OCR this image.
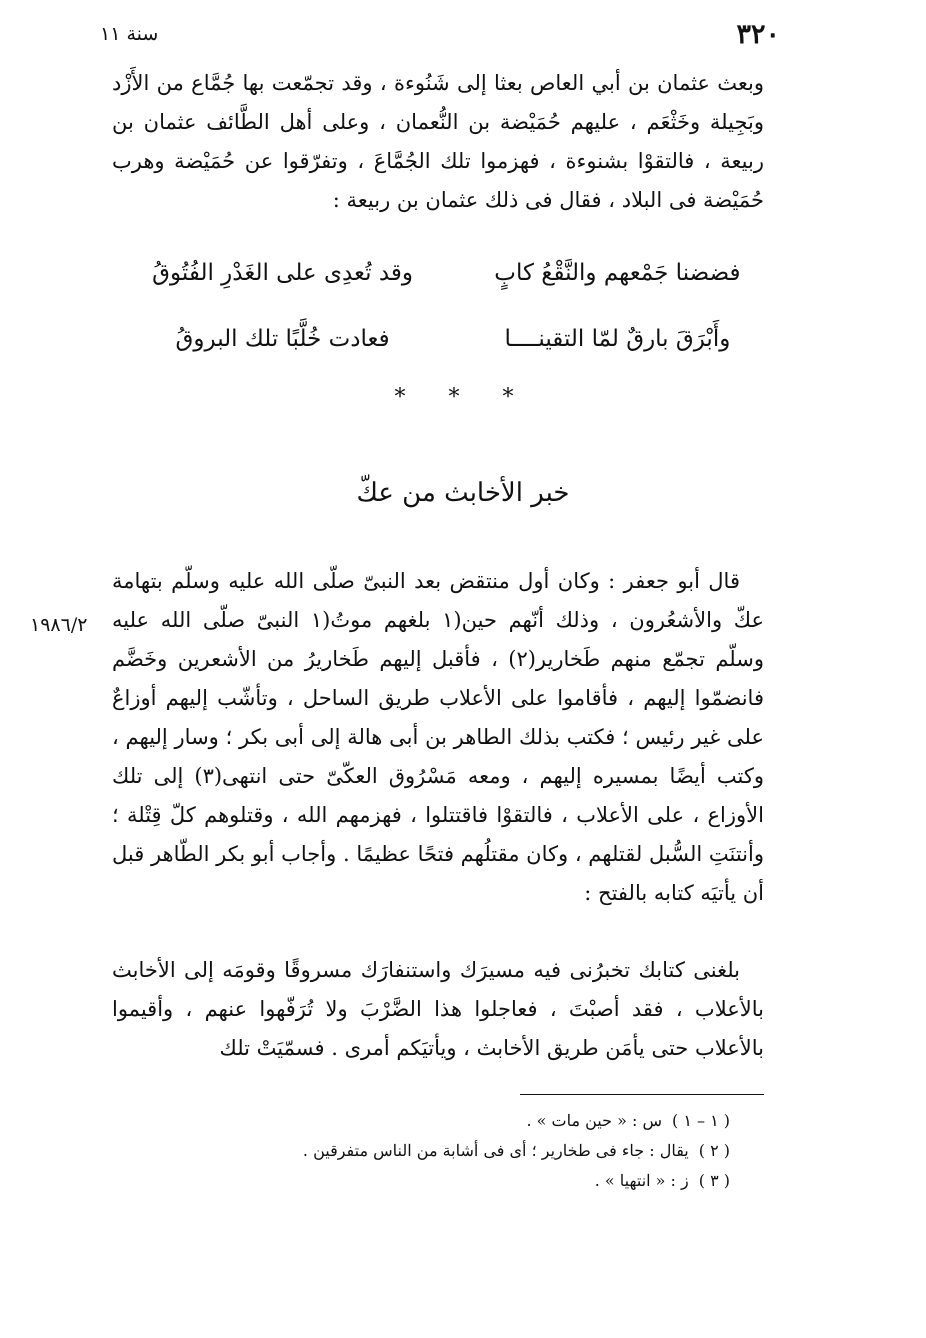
٣٢٠
سنة ١١

وبعث عثمان بن أبي العاص بعثا إلى شَنُوءة ، وقد تجمّعت بها جُمَّاع من الأَزْد وبَجِيلة وخَثْعَم ، عليهم حُمَيْضة بن النُّعمان ، وعلى أهل الطَّائف عثمان بن ربيعة ، فالتقوْا بشنوءة ، فهزموا تلك الجُمَّاعَ ، وتفرّقوا عن حُمَيْضة وهرب حُمَيْضة فى البلاد ، فقال فى ذلك عثمان بن ربيعة :

فضضنا جَمْعهم والنَّقْعُ كابٍ
وقد تُعدِى على الغَدْرِ الفُتُوقُ
وأَبْرَقَ بارقٌ لمّا التقينــــا
فعادت خُلَّبًا تلك البروقُ
* * *
خبر الأخابث من عكّ
١٩٨٦/٢

قال أبو جعفر : وكان أول منتقض بعد النبىّ صلّى الله عليه وسلّم بتهامة عكّ والأشعُرون ، وذلك أنّهم حين(١ بلغهم موتُ(١ النبىّ صلّى الله عليه وسلّم تجمّع منهم طَخارير(٢) ، فأقبل إليهم طَخاريرُ من الأشعرين وخَضَّم فانضمّوا إليهم ، فأقاموا على الأعلاب طريق الساحل ، وتأشّب إليهم أوزاعٌ على غير رئيس ؛ فكتب بذلك الطاهر بن أبى هالة إلى أبى بكر ؛ وسار إليهم ، وكتب أيضًا بمسيره إليهم ، ومعه مَسْرُوق العكّىّ حتى انتهى(٣) إلى تلك الأوزاع ، على الأعلاب ، فالتقوْا فاقتتلوا ، فهزمهم الله ، وقتلوهم كلّ قِتْلة ؛ وأنتنَتِ السُّبل لقتلهم ، وكان مقتلُهم فتحًا عظيمًا . وأجاب أبو بكر الطّاهر قبل أن يأتيَه كتابه بالفتح :

بلغنى كتابك تخبرُنى فيه مسيرَك واستنفارَك مسروقًا وقومَه إلى الأخابث بالأعلاب ، فقد أصبْتَ ، فعاجلوا هذا الضَّرْبَ ولا تُرَفّهوا عنهم ، وأقيموا بالأعلاب حتى يأمَن طريق الأخابث ، ويأتيَكم أمرى . فسمّيَتْ تلك

( ١ – ١ )
س : « حين مات » .
( ٢ )
يقال : جاء فى طخارير ؛ أى فى أشابة من الناس متفرقين .
( ٣ )
ز : « انتهيا » .
